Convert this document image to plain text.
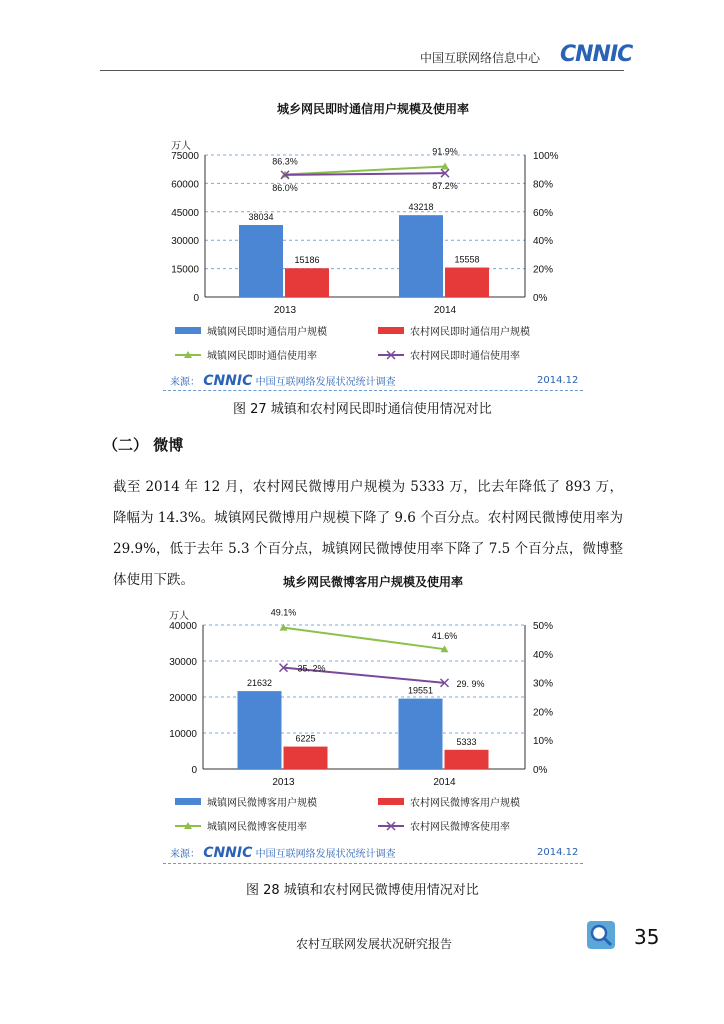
中国互联网络信息中心 CNNIC
城乡网民即时通信用户规模及使用率
万人
0
15000
30000
45000
60000
75000
0%
20%
40%
60%
80%
100%
2013	2014
38034
43218
15186	15558
86.3%
91.9%
86.0%	87.2%
城镇网民即时通信用户规模	农村网民即时通信用户规模
城镇网民即时通信使用率	农村网民即时通信使用率
来源： CNNIC 中国互联网络发展状况统计调查	2014.12
图 27 城镇和农村网民即时通信使用情况对比
（二） 微博
截至 2014 年 12 月，农村网民微博用户规模为 5333 万，比去年降低了 893 万，降幅为 14.3%。城镇网民微博用户规模下降了 9.6 个百分点。农村网民微博使用率为 29.9%，低于去年 5.3 个百分点，城镇网民微博使用率下降了 7.5 个百分点，微博整体使用下跌。	城乡网民微博客用户规模及使用率
万人
0
10000
20000
30000
40000
0%
10%
20%
30%
40%
50%
2013	2014
21632
19551
6225	5333
49.1%
41.6%
35. 2%
29. 9%
城镇网民微博客用户规模	农村网民微博客用户规模
城镇网民微博客使用率	农村网民微博客使用率
来源： CNNIC 中国互联网络发展状况统计调查	2014.12
图 28 城镇和农村网民微博使用情况对比
农村互联网发展状况研究报告	35
